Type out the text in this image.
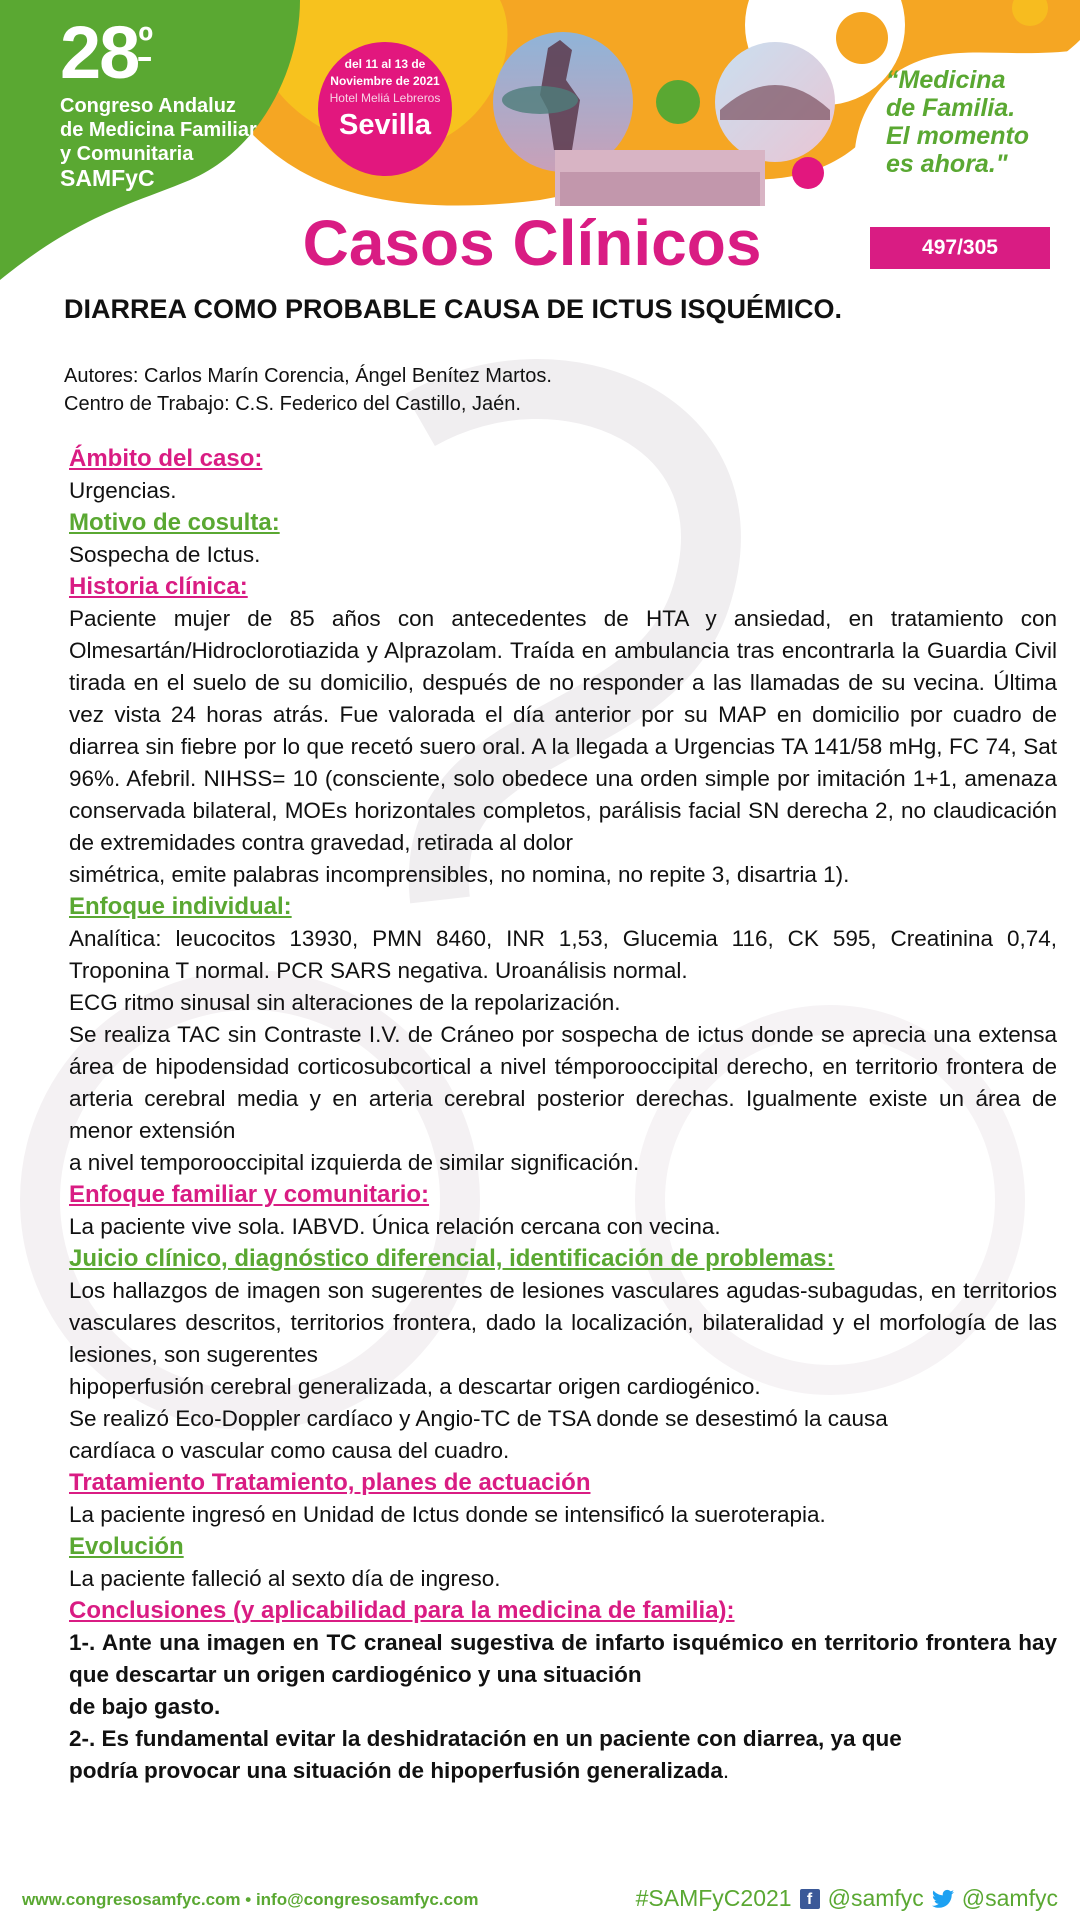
$28^º$
Congreso Andaluz
de Medicina Familiar
y Comunitaria
SAMFyC
del 11 al 13 de
Noviembre de 2021
Hotel Meliá Lebreros
Sevilla
“Medicina
de Familia.
El momento
es ahora."
Casos Clínicos	497/305
DIARREA COMO PROBABLE CAUSA DE ICTUS ISQUÉMICO.
Autores: Carlos Marín Corencia, Ángel Benítez Martos.
Centro de Trabajo: C.S. Federico del Castillo, Jaén.
Ámbito del caso:
Urgencias.
Motivo de cosulta:
Sospecha de Ictus.
Historia clínica:
Paciente mujer de 85 años con antecedentes de HTA y ansiedad, en tratamiento con Olmesartán/Hidroclorotiazida y Alprazolam. Traída en ambulancia tras encontrarla la Guardia Civil tirada en el suelo de su domicilio, después de no responder a las llamadas de su vecina. Última vez vista 24 horas atrás. Fue valorada el día anterior por su MAP en domicilio por cuadro de diarrea sin fiebre por lo que recetó suero oral. A la llegada a Urgencias TA 141/58 mHg, FC 74, Sat 96%. Afebril. NIHSS= 10 (consciente, solo obedece una orden simple por imitación 1+1, amenaza conservada bilateral, MOEs horizontales completos, parálisis facial SN derecha 2, no claudicación de extremidades contra gravedad, retirada al dolor
simétrica, emite palabras incomprensibles, no nomina, no repite 3, disartria 1).
Enfoque individual:
Analítica: leucocitos 13930, PMN 8460, INR 1,53, Glucemia 116, CK 595, Creatinina 0,74, Troponina T normal. PCR SARS negativa. Uroanálisis normal.
ECG ritmo sinusal sin alteraciones de la repolarización.
Se realiza TAC sin Contraste I.V. de Cráneo por sospecha de ictus donde se aprecia una extensa área de hipodensidad corticosubcortical a nivel témporooccipital derecho, en territorio frontera de arteria cerebral media y en arteria cerebral posterior derechas. Igualmente existe un área de menor extensión
a nivel temporooccipital izquierda de similar significación.
Enfoque familiar y comunitario:
La paciente vive sola. IABVD. Única relación cercana con vecina.
Juicio clínico, diagnóstico diferencial, identificación de problemas:
Los hallazgos de imagen son sugerentes de lesiones vasculares agudas-subagudas, en territorios vasculares descritos, territorios frontera, dado la localización, bilateralidad y el morfología de las lesiones, son sugerentes
hipoperfusión cerebral generalizada, a descartar origen cardiogénico.
Se realizó Eco-Doppler cardíaco y Angio-TC de TSA donde se desestimó la causa
cardíaca o vascular como causa del cuadro.
Tratamiento Tratamiento, planes de actuación
La paciente ingresó en Unidad de Ictus donde se intensificó la sueroterapia.
Evolución
La paciente falleció al sexto día de ingreso.
Conclusiones (y aplicabilidad para la medicina de familia):
1-. Ante una imagen en TC craneal sugestiva de infarto isquémico en territorio frontera hay que descartar un origen cardiogénico y una situación
de bajo gasto.
2-. Es fundamental evitar la deshidratación en un paciente con diarrea, ya que
podría provocar una situación de hipoperfusión generalizada.
www.congresosamfyc.com • info@congresosamfyc.com	#SAMFyC2021 f @samfyc @samfyc
